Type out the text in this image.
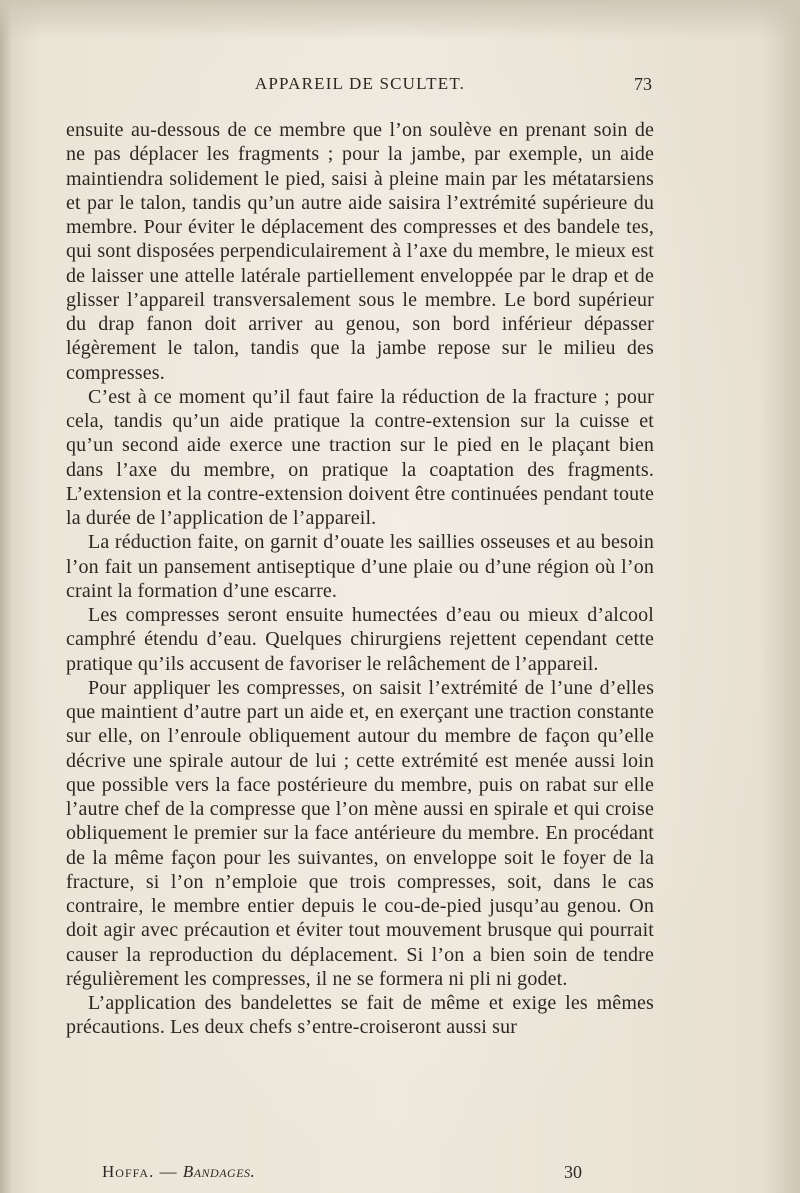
APPAREIL DE SCULTET.	73

ensuite au-dessous de ce membre que l’on soulève en prenant soin de ne pas déplacer les fragments ; pour la jambe, par exemple, un aide maintiendra solidement le pied, saisi à pleine main par les métatarsiens et par le talon, tandis qu’un autre aide saisira l’extrémité supérieure du membre. Pour éviter le déplacement des compresses et des bandele tes, qui sont disposées perpendiculairement à l’axe du membre, le mieux est de laisser une attelle latérale partiellement enveloppée par le drap et de glisser l’appareil transversalement sous le membre. Le bord supérieur du drap fanon doit arriver au genou, son bord inférieur dépasser légèrement le talon, tandis que la jambe repose sur le milieu des compresses.

C’est à ce moment qu’il faut faire la réduction de la fracture ; pour cela, tandis qu’un aide pratique la contre-extension sur la cuisse et qu’un second aide exerce une traction sur le pied en le plaçant bien dans l’axe du membre, on pratique la coaptation des fragments. L’extension et la contre-extension doivent être continuées pendant toute la durée de l’application de l’appareil.

La réduction faite, on garnit d’ouate les saillies osseuses et au besoin l’on fait un pansement antiseptique d’une plaie ou d’une région où l’on craint la formation d’une escarre.

Les compresses seront ensuite humectées d’eau ou mieux d’alcool camphré étendu d’eau. Quelques chirurgiens rejettent cependant cette pratique qu’ils accusent de favoriser le relâchement de l’appareil.

Pour appliquer les compresses, on saisit l’extrémité de l’une d’elles que maintient d’autre part un aide et, en exerçant une traction constante sur elle, on l’enroule obliquement autour du membre de façon qu’elle décrive une spirale autour de lui ; cette extrémité est menée aussi loin que possible vers la face postérieure du membre, puis on rabat sur elle l’autre chef de la compresse que l’on mène aussi en spirale et qui croise obliquement le premier sur la face antérieure du membre. En procédant de la même façon pour les suivantes, on enveloppe soit le foyer de la fracture, si l’on n’emploie que trois compresses, soit, dans le cas contraire, le membre entier depuis le cou-de-pied jusqu’au genou. On doit agir avec précaution et éviter tout mouvement brusque qui pourrait causer la reproduction du déplacement. Si l’on a bien soin de tendre régulièrement les compresses, il ne se formera ni pli ni godet.

L’application des bandelettes se fait de même et exige les mêmes précautions. Les deux chefs s’entre-croiseront aussi sur

Hoffa. — Bandages.	30
